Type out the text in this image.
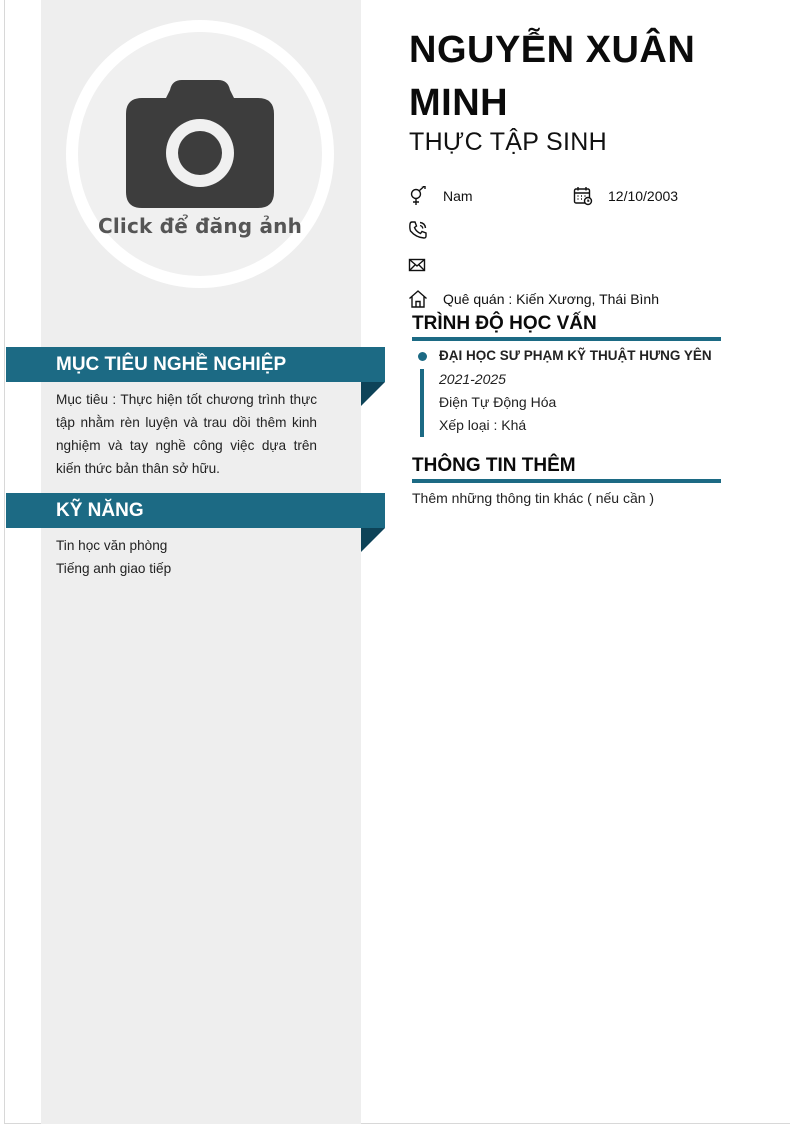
Click để đăng ảnh
MỤC TIÊU NGHỀ NGHIỆP
Mục tiêu : Thực hiện tốt chương trình thực tập nhằm rèn luyện và trau dồi thêm kinh nghiệm và tay nghề công việc dựa trên kiến thức bản thân sở hữu.
KỸ NĂNG
Tin học văn phòng
Tiếng anh giao tiếp
NGUYỄN XUÂN MINH
THỰC TẬP SINH
Nam	12/10/2003
Quê quán : Kiến Xương, Thái Bình
TRÌNH ĐỘ HỌC VẤN
ĐẠI HỌC SƯ PHẠM KỸ THUẬT HƯNG YÊN
2021-2025
Điện Tự Động Hóa
Xếp loại : Khá
THÔNG TIN THÊM
Thêm những thông tin khác ( nếu cần )
